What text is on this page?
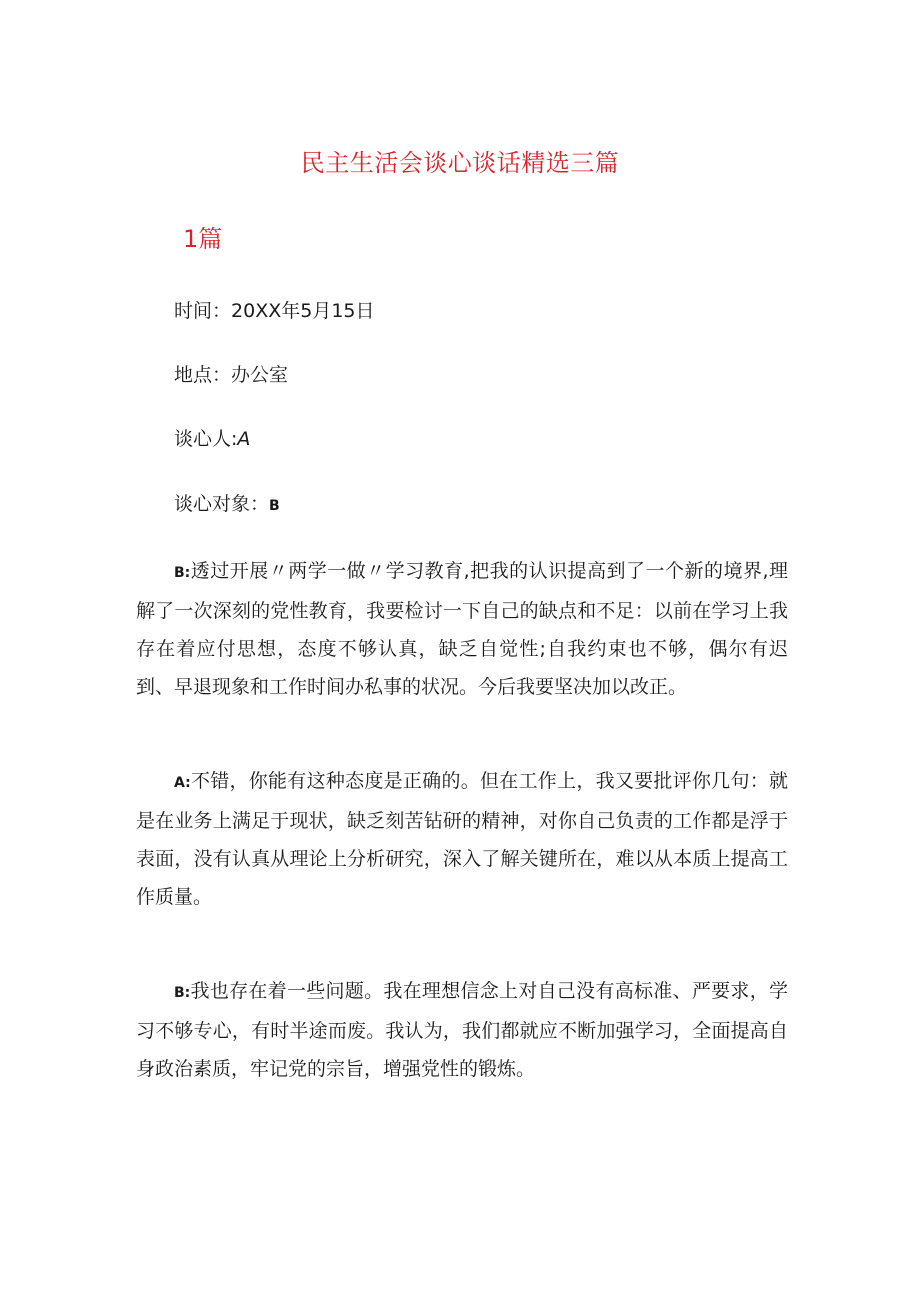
民主生活会谈心谈话精选三篇
1篇

时间：20XX年5月15日

地点：办公室

谈心人:A

谈心对象：B

B:透过开展〃两学一做〃学习教育,把我的认识提高到了一个新的境界,理解了一次深刻的党性教育，我要检讨一下自己的缺点和不足：以前在学习上我存在着应付思想，态度不够认真，缺乏自觉性;自我约束也不够，偶尔有迟到、早退现象和工作时间办私事的状况。今后我要坚决加以改正。

A:不错，你能有这种态度是正确的。但在工作上，我又要批评你几句：就是在业务上满足于现状，缺乏刻苦钻研的精神，对你自己负责的工作都是浮于表面，没有认真从理论上分析研究，深入了解关键所在，难以从本质上提高工作质量。

B:我也存在着一些问题。我在理想信念上对自己没有高标准、严要求，学习不够专心，有时半途而废。我认为，我们都就应不断加强学习，全面提高自身政治素质，牢记党的宗旨，增强党性的锻炼。
